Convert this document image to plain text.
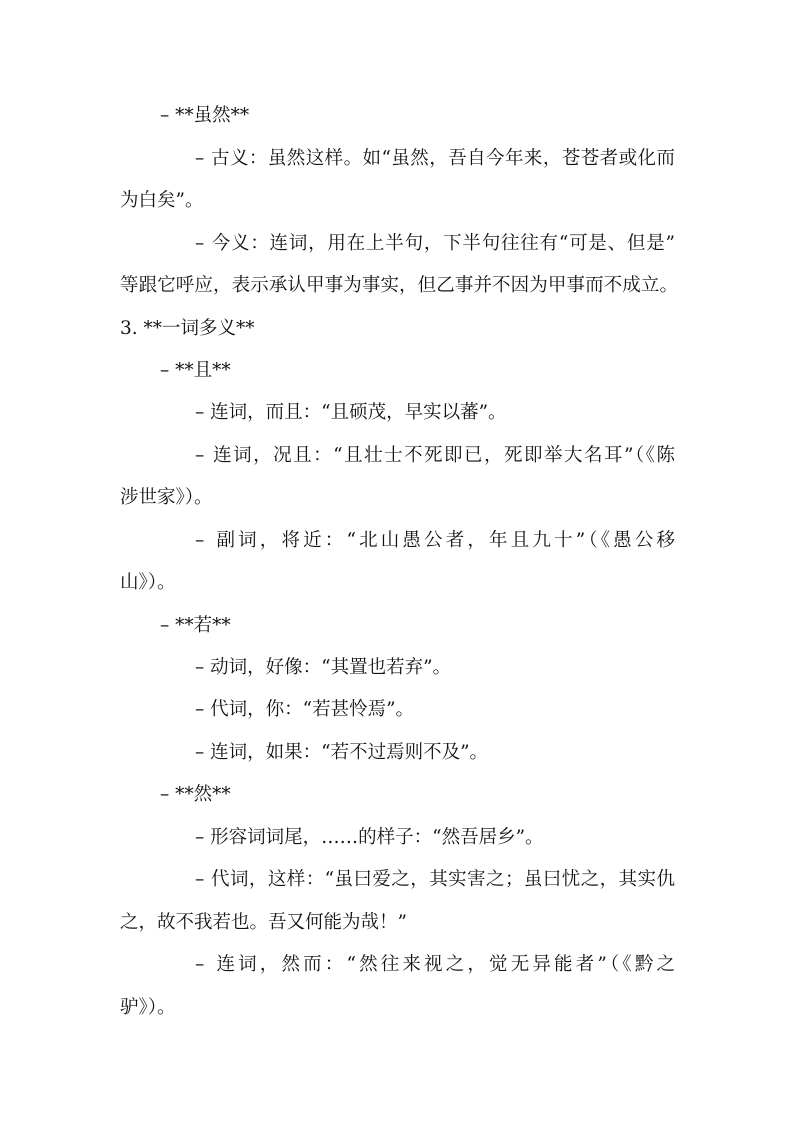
– **虽然**
– 古义：虽然这样。如“虽然，吾自今年来，苍苍者或化而
为白矣”。
– 今义：连词，用在上半句，下半句往往有“可是、但是”
等跟它呼应，表示承认甲事为事实，但乙事并不因为甲事而不成立。
3. **一词多义**
– **且**
– 连词，而且：“且硕茂，早实以蕃”。
– 连词，况且：“且壮士不死即已，死即举大名耳”（《陈
涉世家》）。
– 副词，将近：“北山愚公者，年且九十”（《愚公移
山》）。
– **若**
– 动词，好像：“其置也若弃”。
– 代词，你：“若甚怜焉”。
– 连词，如果：“若不过焉则不及”。
– **然**
– 形容词词尾，……的样子：“然吾居乡”。
– 代词，这样：“虽曰爱之，其实害之；虽曰忧之，其实仇
之，故不我若也。吾又何能为哉！”
– 连词，然而：“然往来视之，觉无异能者”（《黔之
驴》）。
